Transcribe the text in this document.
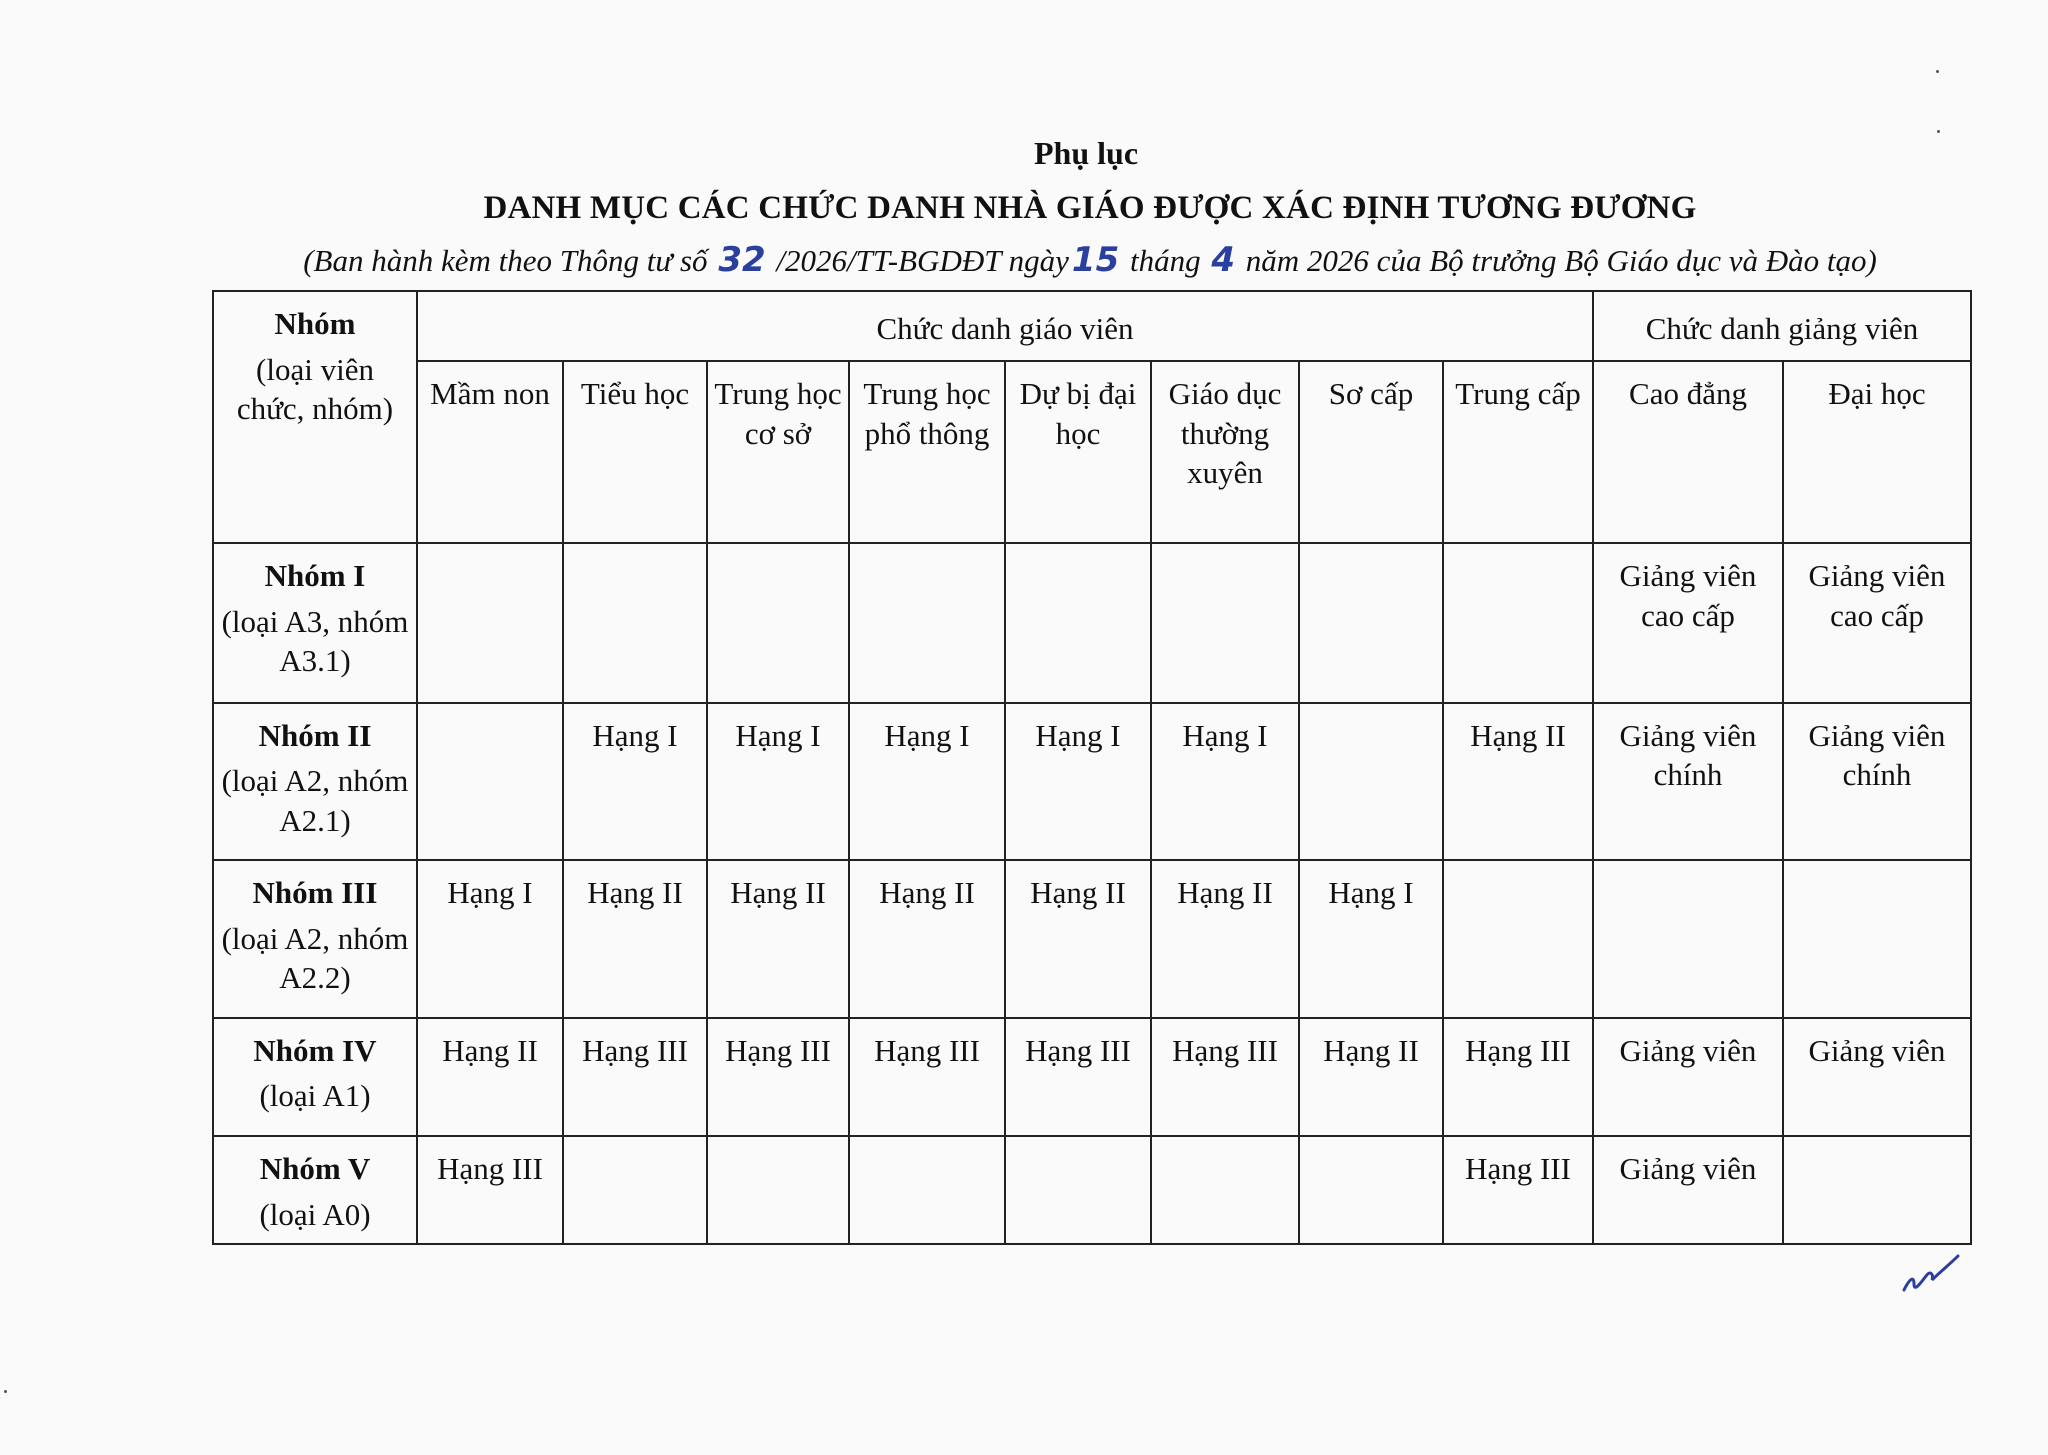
Phụ lục
DANH MỤC CÁC CHỨC DANH NHÀ GIÁO ĐƯỢC XÁC ĐỊNH TƯƠNG ĐƯƠNG
(Ban hành kèm theo Thông tư số 32 /2026/TT-BGDĐT ngày15 tháng 4 năm 2026 của Bộ trưởng Bộ Giáo dục và Đào tạo)
Nhóm
(loại viên chức, nhóm)	Chức danh giáo viên								Chức danh giảng viên	
	Mầm non	Tiểu học	Trung học cơ sở	Trung học phổ thông	Dự bị đại học	Giáo dục thường xuyên	Sơ cấp	Trung cấp	Cao đẳng	Đại học

Nhóm I
(loại A3, nhóm A3.1)									Giảng viên cao cấp	Giảng viên cao cấp

Nhóm II
(loại A2, nhóm A2.1)		Hạng I	Hạng I	Hạng I	Hạng I	Hạng I		Hạng II	Giảng viên chính	Giảng viên chính

Nhóm III
(loại A2, nhóm A2.2)	Hạng I	Hạng II	Hạng II	Hạng II	Hạng II	Hạng II	Hạng I			

Nhóm IV
(loại A1)	Hạng II	Hạng III	Hạng III	Hạng III	Hạng III	Hạng III	Hạng II	Hạng III	Giảng viên	Giảng viên

Nhóm V
(loại A0)	Hạng III							Hạng III	Giảng viên	
